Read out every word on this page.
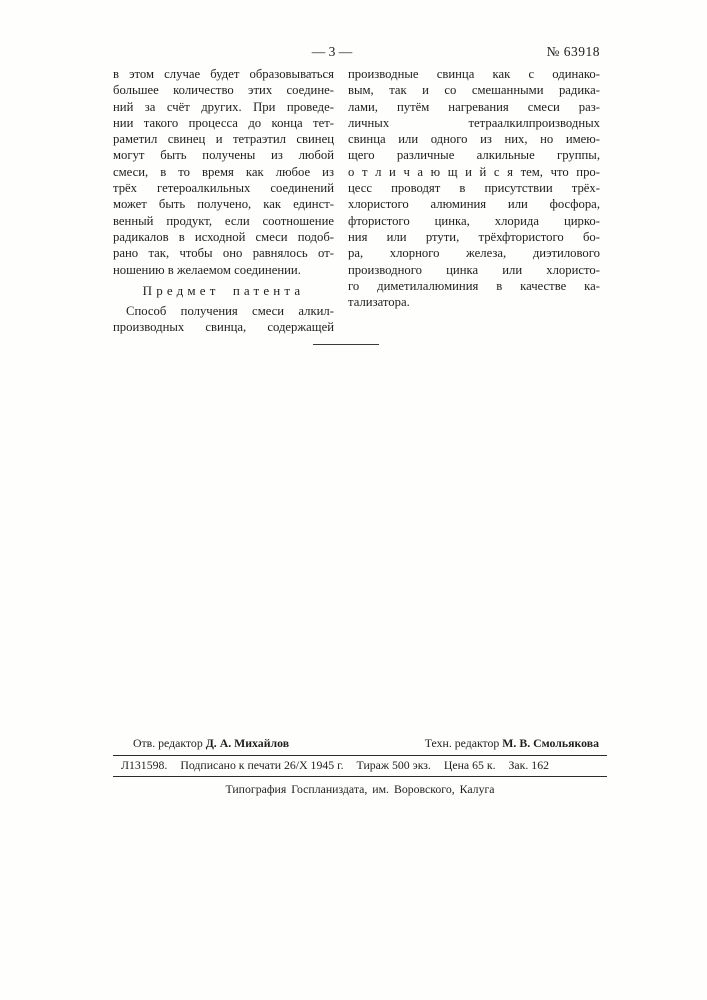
— 3 —	№ 63918
в этом случае будет образовываться
большее количество этих соедине-
ний за счёт других. При проведе-
нии такого процесса до конца тет-
раметил свинец и тетраэтил свинец
могут быть получены из любой
смеси, в то время как любое из
трёх гетероалкильных соединений
может быть получено, как единст-
венный продукт, если соотношение
радикалов в исходной смеси подоб-
рано так, чтобы оно равнялось от-
ношению в желаемом соединении.
Предмет патента
Способ получения смеси алкил-
производных свинца, содержащей
производные свинца как с одинако-
вым, так и со смешанными радика-
лами, путём нагревания смеси раз-
личных тетраалкилпроизводных
свинца или одного из них, но имею-
щего различные алкильные группы,
о т л и ч а ю щ и й с я тем, что про-
цесс проводят в присутствии трёх-
хлористого алюминия или фосфора,
фтористого цинка, хлорида цирко-
ния или ртути, трёхфтористого бо-
ра, хлорного железа, диэтилового
производного цинка или хлористо-
го диметилалюминия в качестве ка-
тализатора.
Отв. редактор Д. А. Михайлов	Техн. редактор М. В. Смольякова
Л131598. Подписано к печати 26/X 1945 г. Тираж 500 экз. Цена 65 к. Зак. 162
Типография Госпланиздата, им. Воровского, Калуга
